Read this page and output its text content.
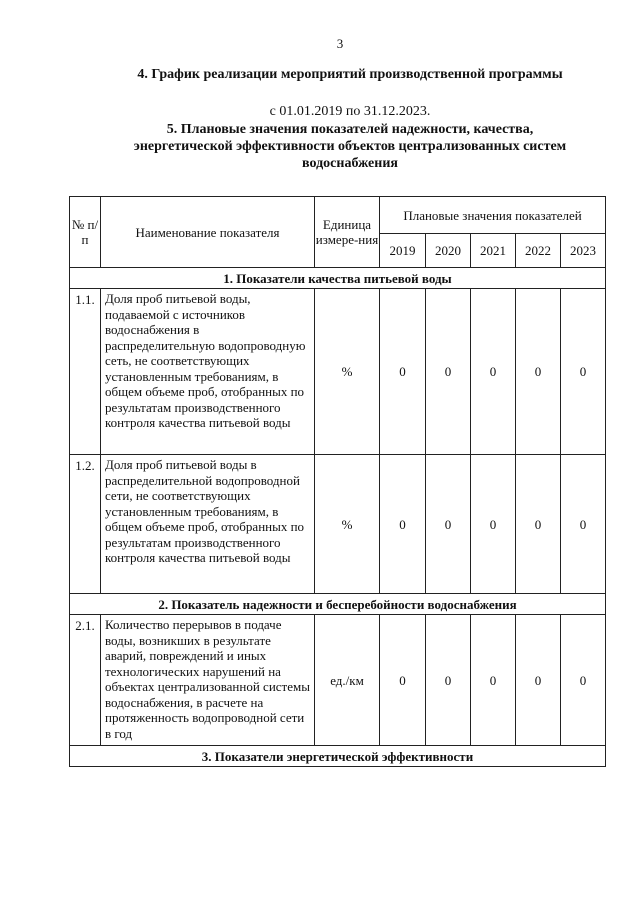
3
4. График реализации мероприятий производственной программы
с 01.01.2019 по 31.12.2023.
5. Плановые значения показателей надежности, качества, энергетической эффективности объектов централизованных систем водоснабжения
№ п/п	Наименование показателя	Единица измере-ния	Плановые значения показателей				
			2019	2020	2021	2022	2023
1. Показатели качества питьевой воды							
1.1.	Доля проб питьевой воды, подаваемой с источников водоснабжения в распределительную водопроводную сеть, не соответствующих установленным требованиям, в общем объеме проб, отобранных по результатам производственного контроля качества питьевой воды	%	0	0	0	0	0
1.2.	Доля проб питьевой воды в распределительной водопроводной сети, не соответствующих установленным требованиям, в общем объеме проб, отобранных по результатам производственного контроля качества питьевой воды	%	0	0	0	0	0
2. Показатель надежности и бесперебойности водоснабжения							
2.1.	Количество перерывов в подаче воды, возникших в результате аварий, повреждений и иных технологических нарушений на объектах централизованной системы водоснабжения, в расчете на протяженность водопроводной сети в год	ед./км	0	0	0	0	0
3. Показатели энергетической эффективности							
